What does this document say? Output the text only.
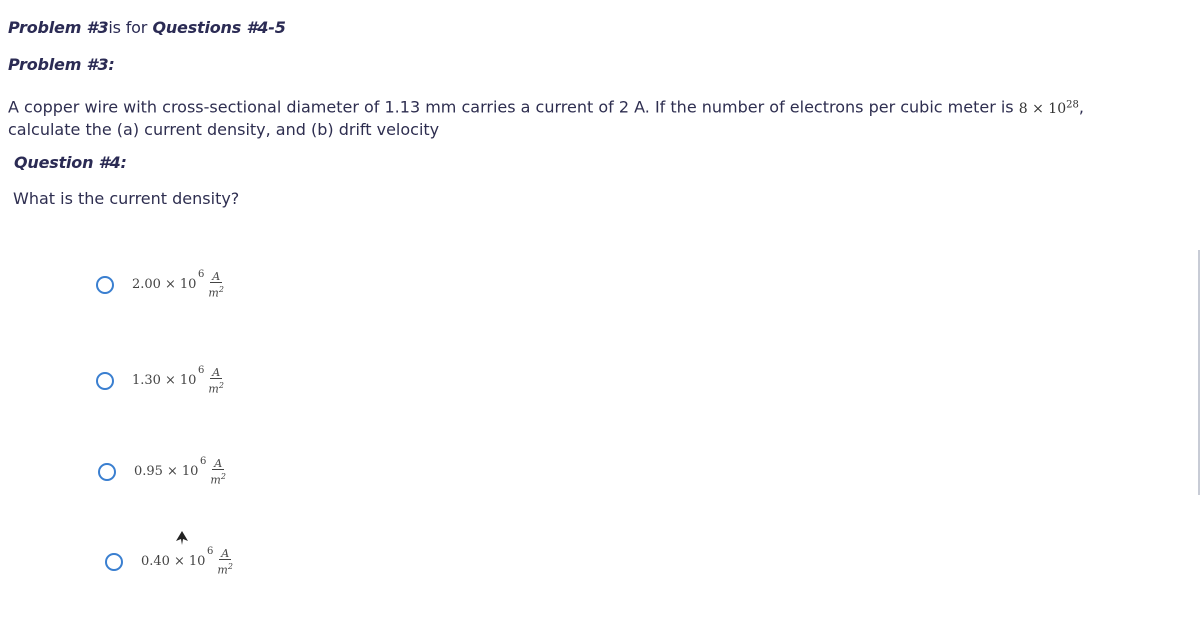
Problem #3is for Questions #4-5
Problem #3:
A copper wire with cross-sectional diameter of 1.13 mm carries a current of 2 A. If the number of electrons per cubic meter is $8 \times 10^{28}$,
calculate the (a) current density, and (b) drift velocity
Question #4:
What is the current density?
2.00 × 10
$6 \frac{A}{m^2}$
1.30 × 10
$6 \frac{A}{m^2}$
0.95 × 10
$6 \frac{A}{m^2}$
0.40 × 10
$6 \frac{A}{m^2}$
